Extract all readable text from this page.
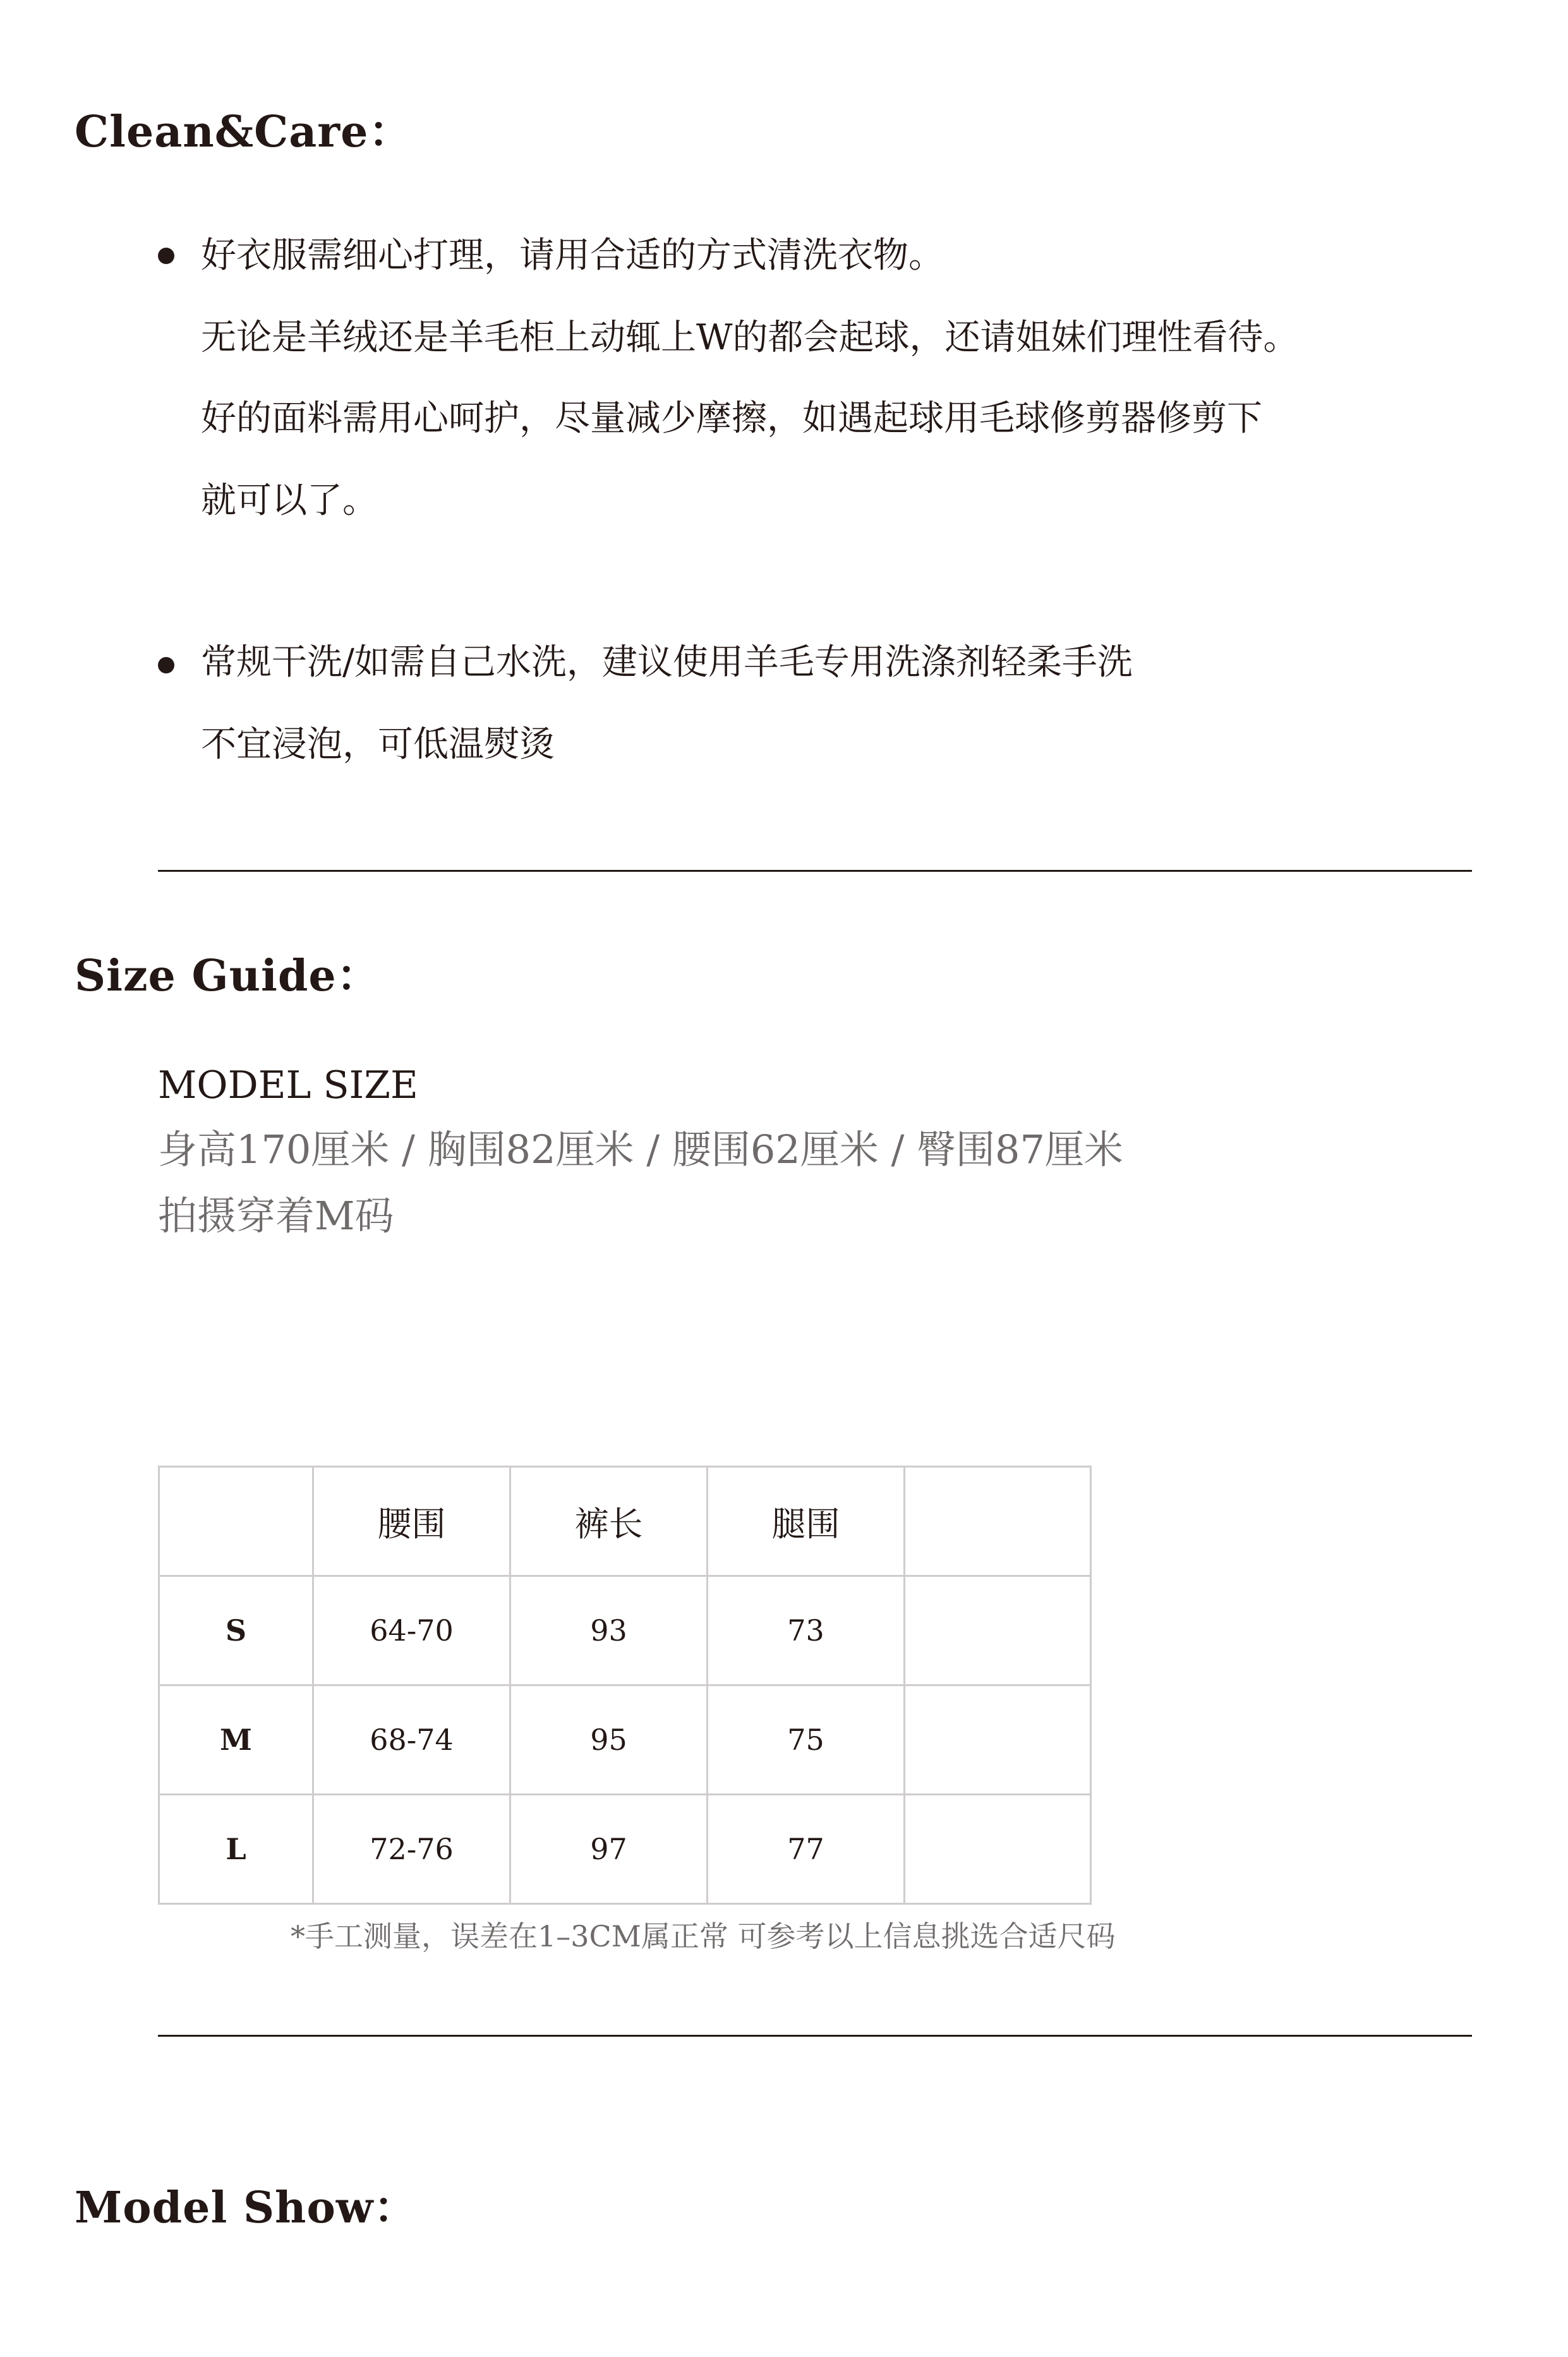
Clean&Care：

好衣服需细心打理，请用合适的方式清洗衣物。

无论是羊绒还是羊毛柜上动辄上W的都会起球，还请姐妹们理性看待。

好的面料需用心呵护，尽量减少摩擦，如遇起球用毛球修剪器修剪下

就可以了。

常规干洗/如需自己水洗，建议使用羊毛专用洗涤剂轻柔手洗

不宜浸泡，可低温熨烫

Size Guide：
MODEL SIZE
身高170厘米 / 胸围82厘米 / 腰围62厘米 / 臀围87厘米
拍摄穿着M码
	腰围	裤长	腿围	
S	64-70	93	73	
M	68-74	95	75	
L	72-76	97	77	
*手工测量，误差在1–3CM属正常 可参考以上信息挑选合适尺码
Model Show：
